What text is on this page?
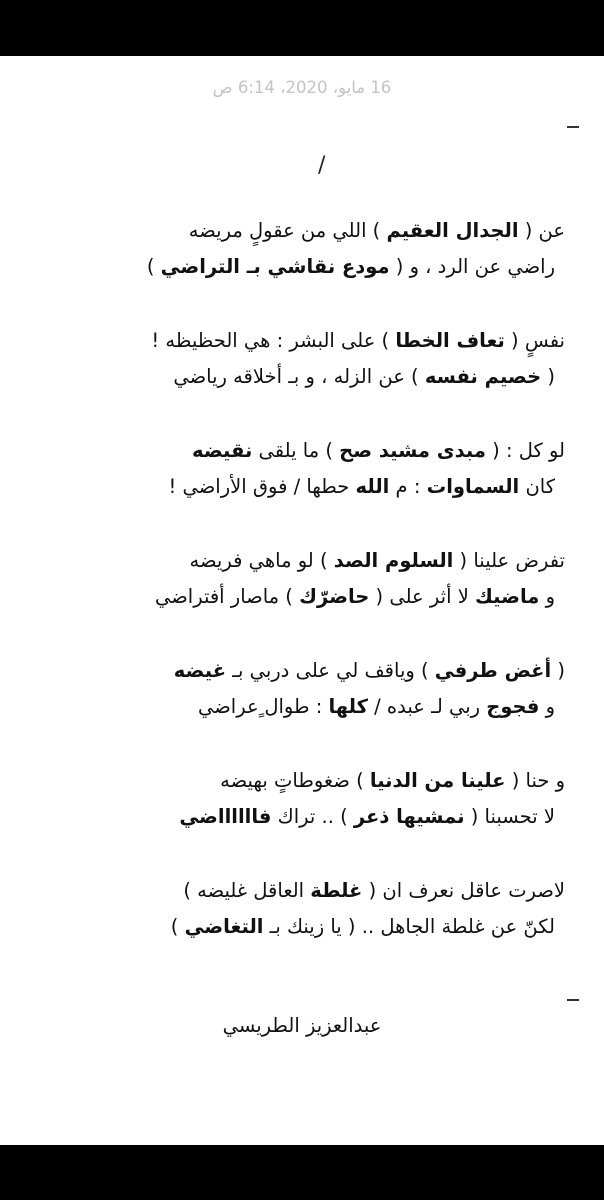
16 مايو، 2020، 6:14 ص
/
عن ( الجدال العقيم ) اللي من عقولٍ مريضه
راضي عن الرد ، و ( مودع نقاشي بـ التراضي )
نفسٍ ( تعاف الخطا ) على البشر : هي الحظيظه !
( خصيم نفسه ) عن الزله ، و بـ أخلاقه رياضي
لو كل : ( مبدى مشيد صح ) ما يلقى نقيضه
كان السماوات : م الله حطها / فوق الأراضي !
تفرض علينا ( السلوم الصد ) لو ماهي فريضه
و ماضيك لا أثر على ( حاضرّك ) ماصار أفتراضي
( أغض طرفي ) وياقف لي على دربي بـ غيضه
و فجوج ربي لـ عبده / كلها : طوال ٍعراضي
و حنا ( علينا من الدنيا ) ضغوطاتٍ بهيضه
لا تحسبنا ( نمشيها ذعر ) .. تراك فااااااضي
لاصرت عاقل نعرف ان ( غلطة العاقل غليضه )
لكنّ عن غلطة الجاهل .. ( يا زينك بـ التغاضي )
عبدالعزيز الطريسي
